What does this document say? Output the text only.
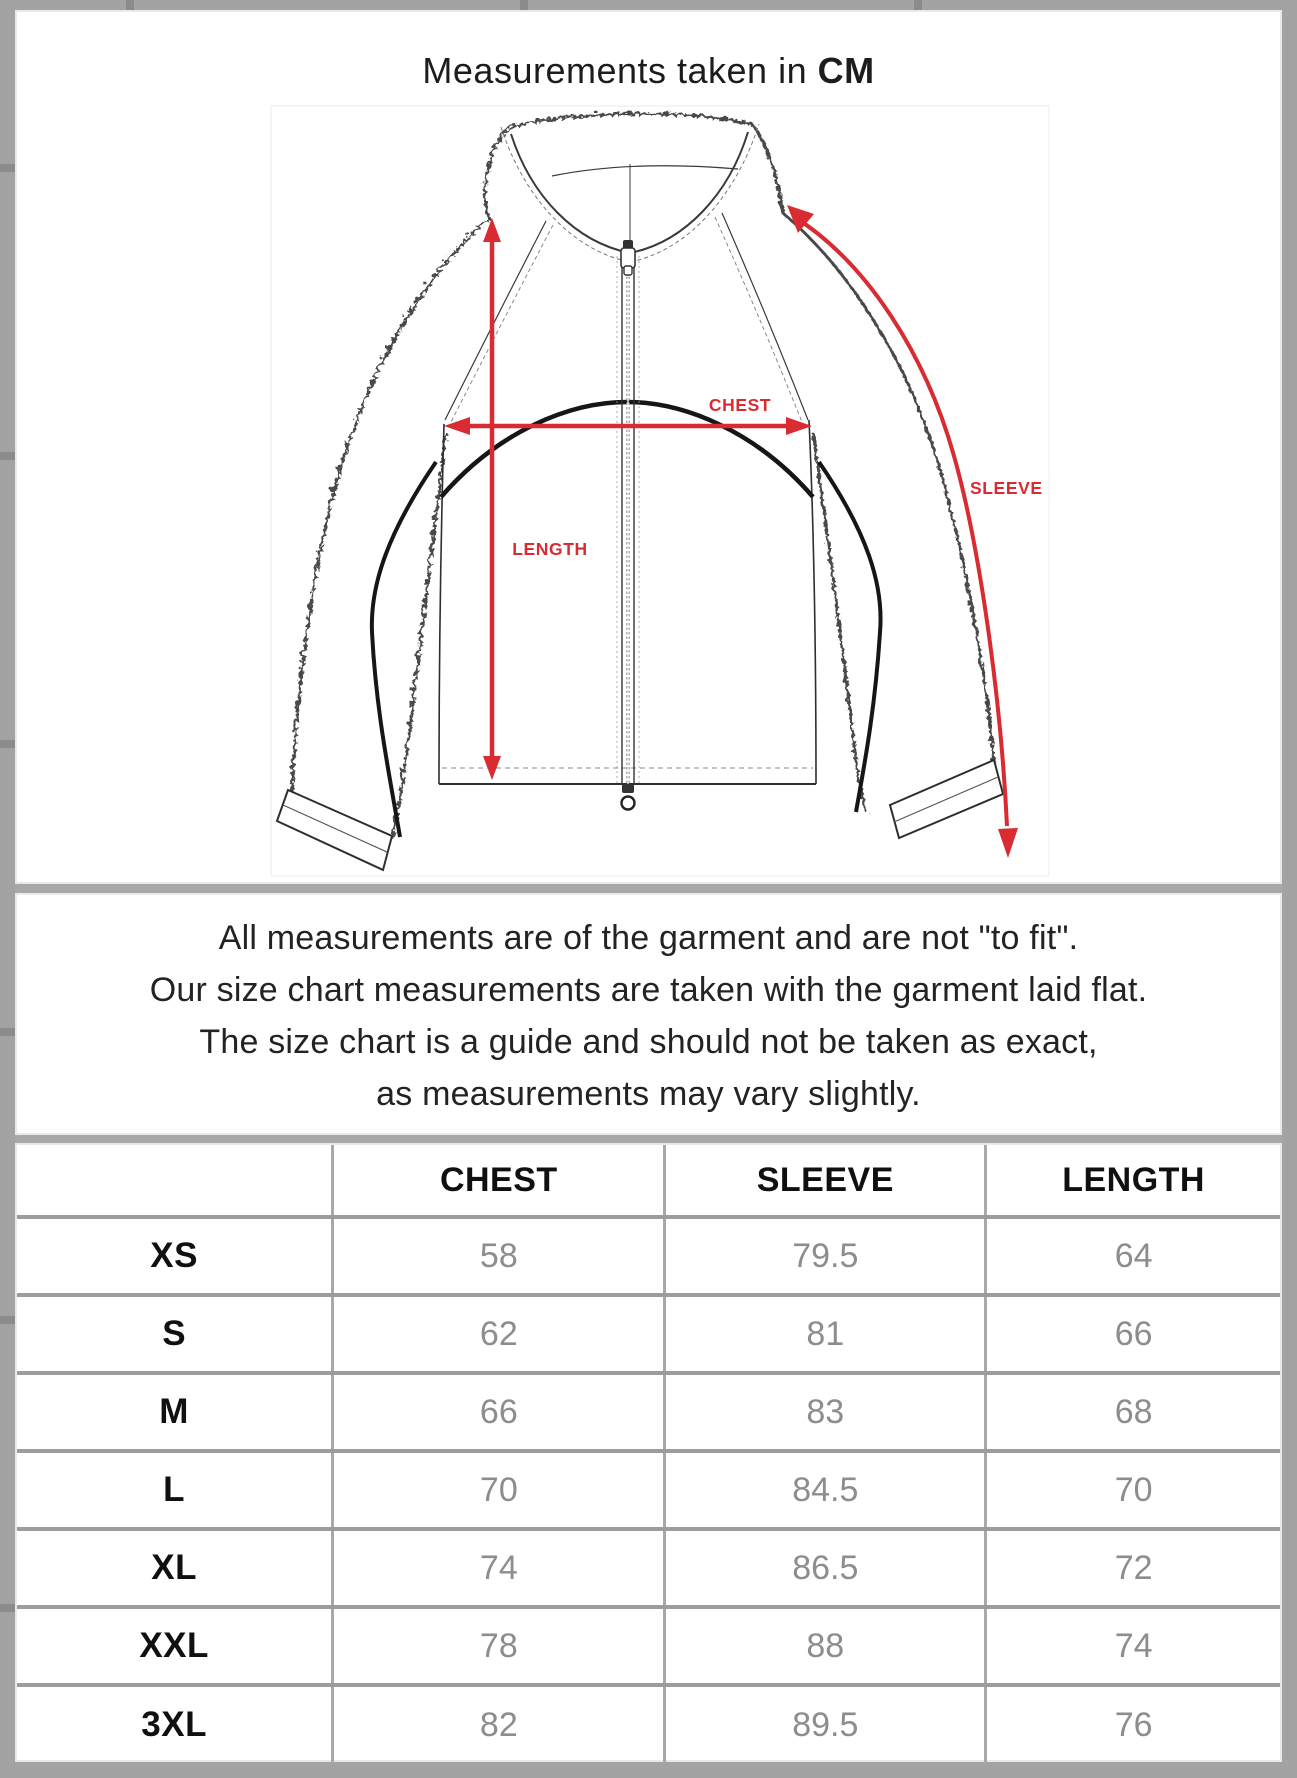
Measurements taken in CM
CHEST
LENGTH
SLEEVE
All measurements are of the garment and are not "to fit".
Our size chart measurements are taken with the garment laid flat.
The size chart is a guide and should not be taken as exact,
as measurements may vary slightly.
	CHEST	SLEEVE	LENGTH
XS	58	79.5	64
S	62	81	66
M	66	83	68
L	70	84.5	70
XL	74	86.5	72
XXL	78	88	74
3XL	82	89.5	76
